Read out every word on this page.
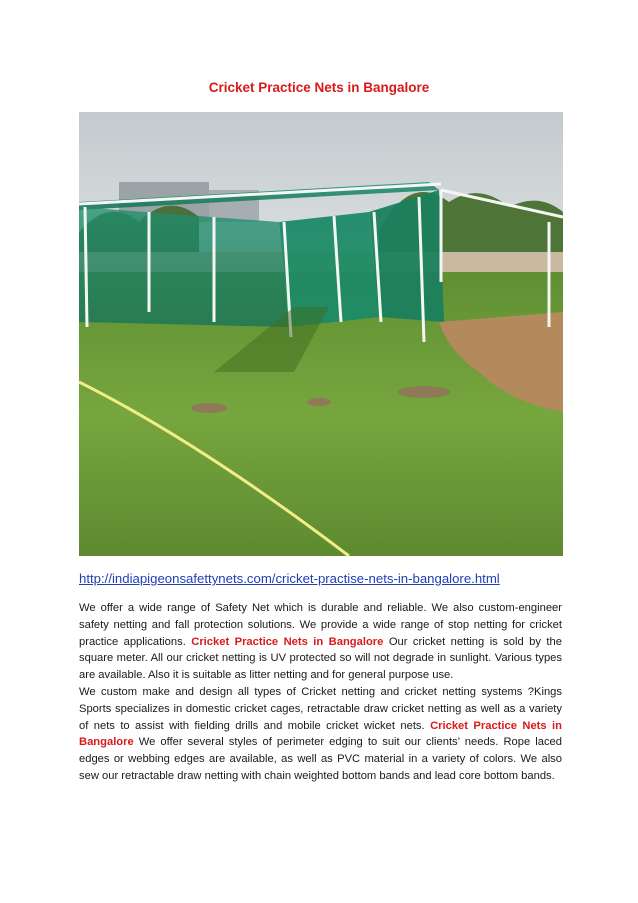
Cricket Practice Nets in Bangalore
http://indiapigeonsafettynets.com/cricket-practise-nets-in-bangalore.html
We offer a wide range of Safety Net which is durable and reliable. We also custom-engineer safety netting and fall protection solutions. We provide a wide range of stop netting for cricket practice applications. Cricket Practice Nets in Bangalore Our cricket netting is sold by the square meter. All our cricket netting is UV protected so will not degrade in sunlight. Various types are available. Also it is suitable as litter netting and for general purpose use.
We custom make and design all types of Cricket netting and cricket netting systems ?Kings Sports specializes in domestic cricket cages, retractable draw cricket netting as well as a variety of nets to assist with fielding drills and mobile cricket wicket nets. Cricket Practice Nets in Bangalore We offer several styles of perimeter edging to suit our clients’ needs. Rope laced edges or webbing edges are available, as well as PVC material in a variety of colors. We also sew our retractable draw netting with chain weighted bottom bands and lead core bottom bands.
